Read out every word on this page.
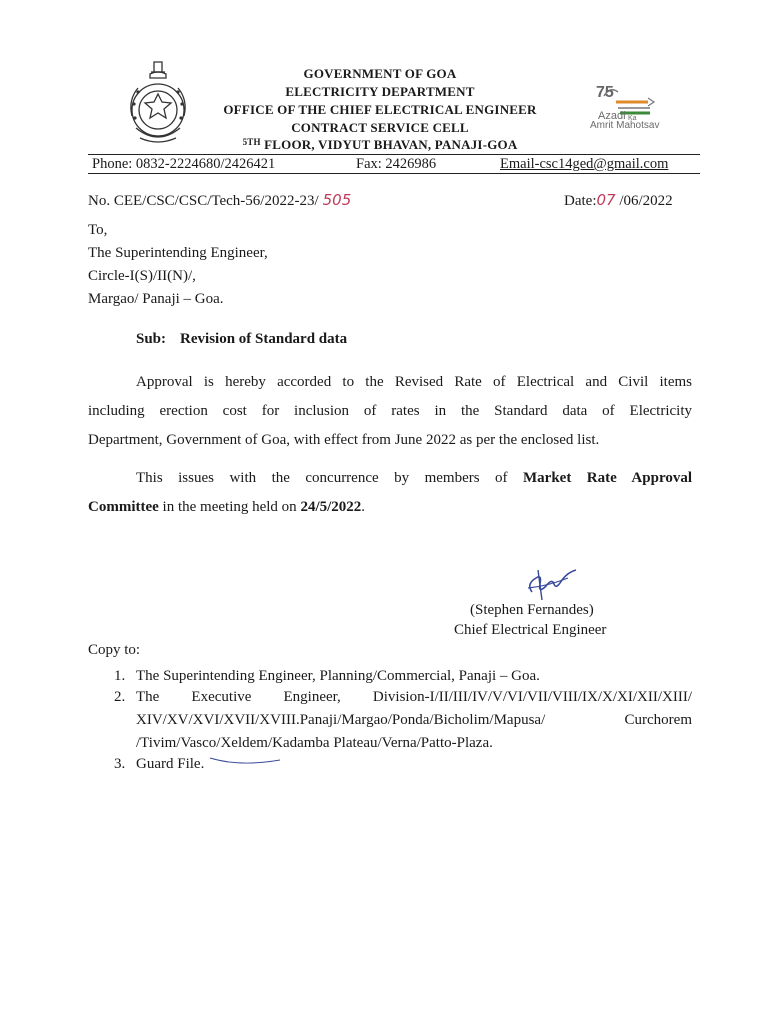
GOVERNMENT OF GOA
ELECTRICITY DEPARTMENT
OFFICE OF THE CHIEF ELECTRICAL ENGINEER
CONTRACT SERVICE CELL
$^{5TH}$ FLOOR, VIDYUT BHAVAN, PANAJI-GOA
75
Azadi Ka
Amrit Mahotsav
Phone: 0832-2224680/2426421	Fax: 2426986	Email-csc14ged@gmail.com
No. CEE/CSC/CSC/Tech-56/2022-23/ 505	Date:07 /06/2022
To,
The Superintending Engineer,
Circle-I(S)/II(N)/,
Margao/ Panaji – Goa.
Sub: Revision of Standard data
Approval is hereby accorded to the Revised Rate of Electrical and Civil items
including erection cost for inclusion of rates in the Standard data of Electricity
Department, Government of Goa, with effect from June 2022 as per the enclosed list.
This issues with the concurrence by members of Market Rate Approval
Committee in the meeting held on 24/5/2022.
(Stephen Fernandes)
Chief Electrical Engineer
Copy to:
1. The Superintending Engineer, Planning/Commercial, Panaji – Goa.
2. The Executive Engineer, Division-I/II/III/IV/V/VI/VII/VIII/IX/X/XI/XII/XIII/
XIV/XV/XVI/XVII/XVIII.Panaji/Margao/Ponda/Bicholim/Mapusa/ Curchorem
/Tivim/Vasco/Xeldem/Kadamba Plateau/Verna/Patto-Plaza.
3. Guard File.
